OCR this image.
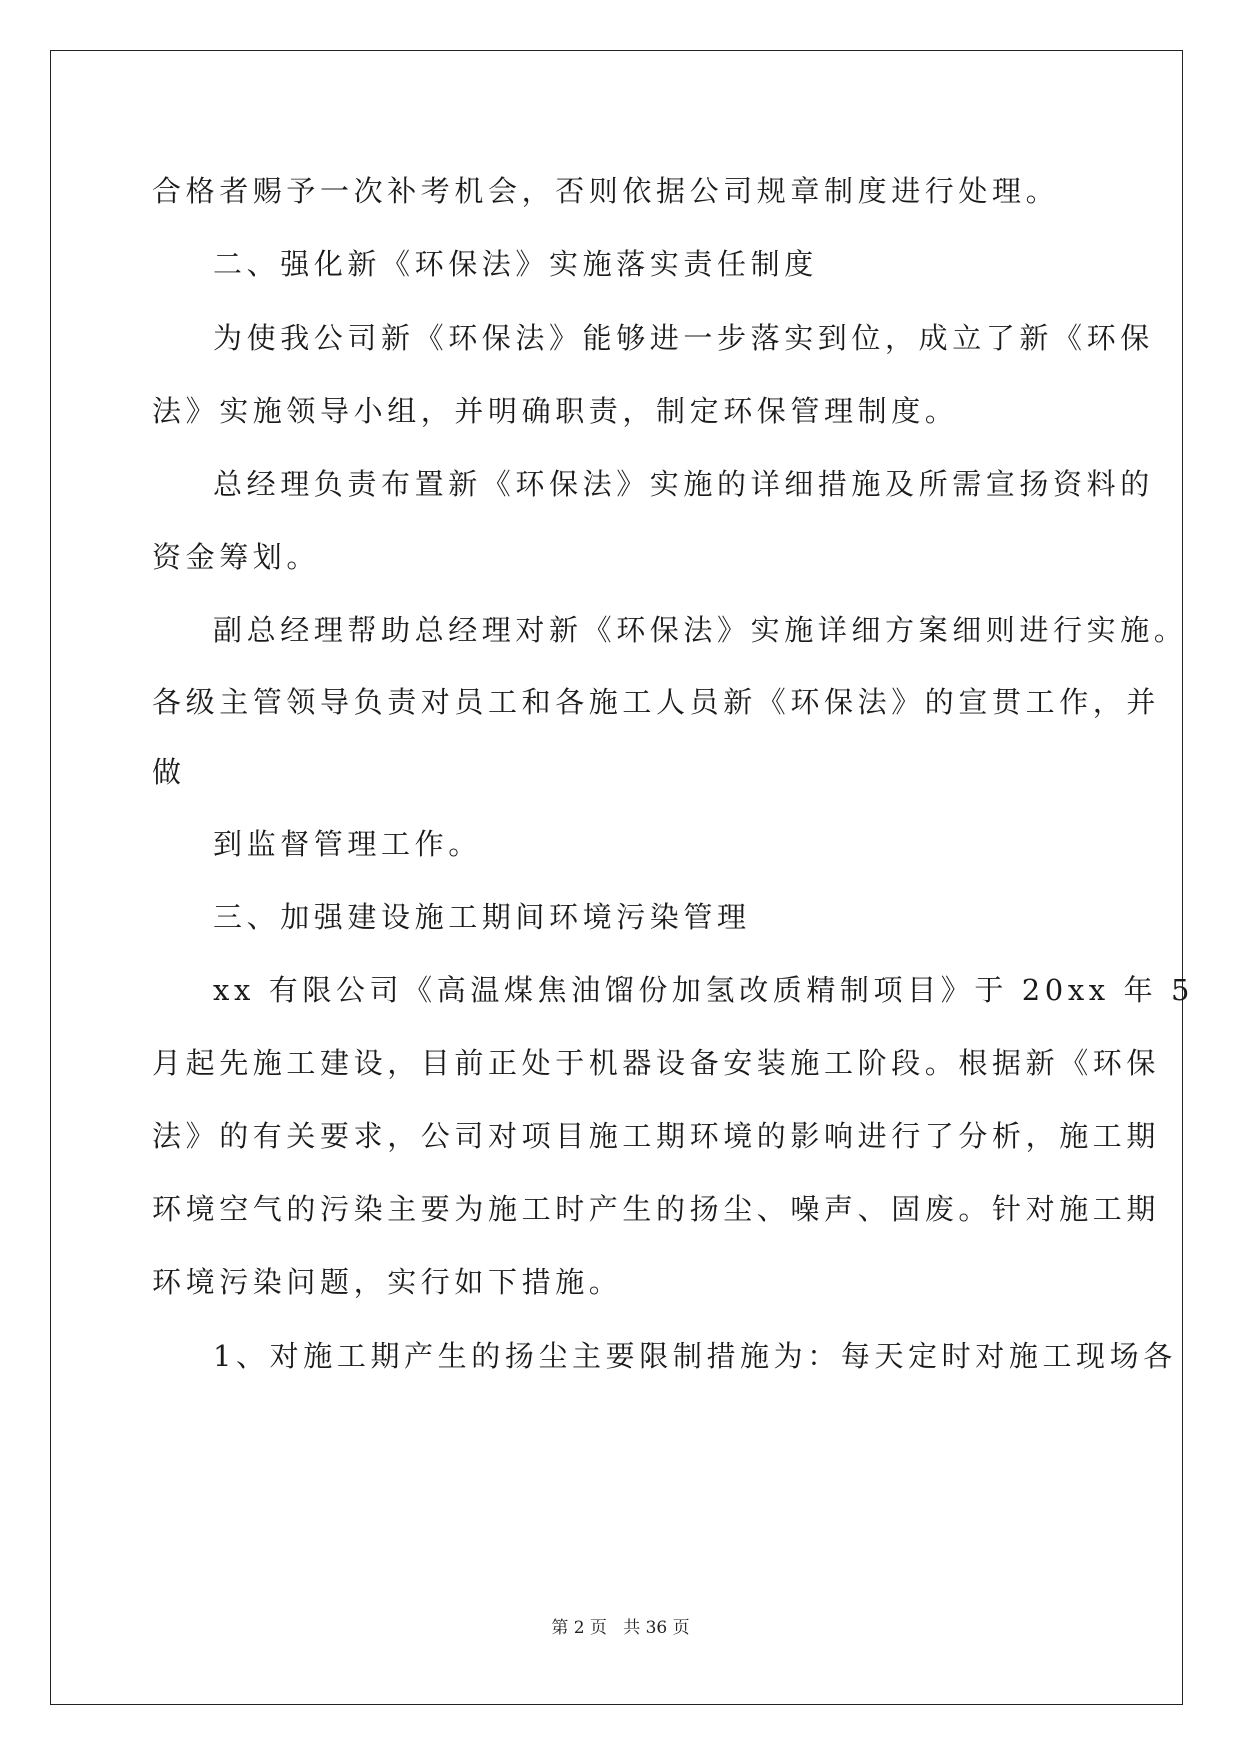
合格者赐予一次补考机会，否则依据公司规章制度进行处理。
二、强化新《环保法》实施落实责任制度
为使我公司新《环保法》能够进一步落实到位，成立了新《环保
法》实施领导小组，并明确职责，制定环保管理制度。
总经理负责布置新《环保法》实施的详细措施及所需宣扬资料的
资金筹划。
副总经理帮助总经理对新《环保法》实施详细方案细则进行实施。
各级主管领导负责对员工和各施工人员新《环保法》的宣贯工作，并
做
到监督管理工作。
三、加强建设施工期间环境污染管理
xx 有限公司《高温煤焦油馏份加氢改质精制项目》于 20xx 年 5
月起先施工建设，目前正处于机器设备安装施工阶段。根据新《环保
法》的有关要求，公司对项目施工期环境的影响进行了分析，施工期
环境空气的污染主要为施工时产生的扬尘、噪声、固废。针对施工期
环境污染问题，实行如下措施。
1、对施工期产生的扬尘主要限制措施为：每天定时对施工现场各
第 2 页   共 36 页
